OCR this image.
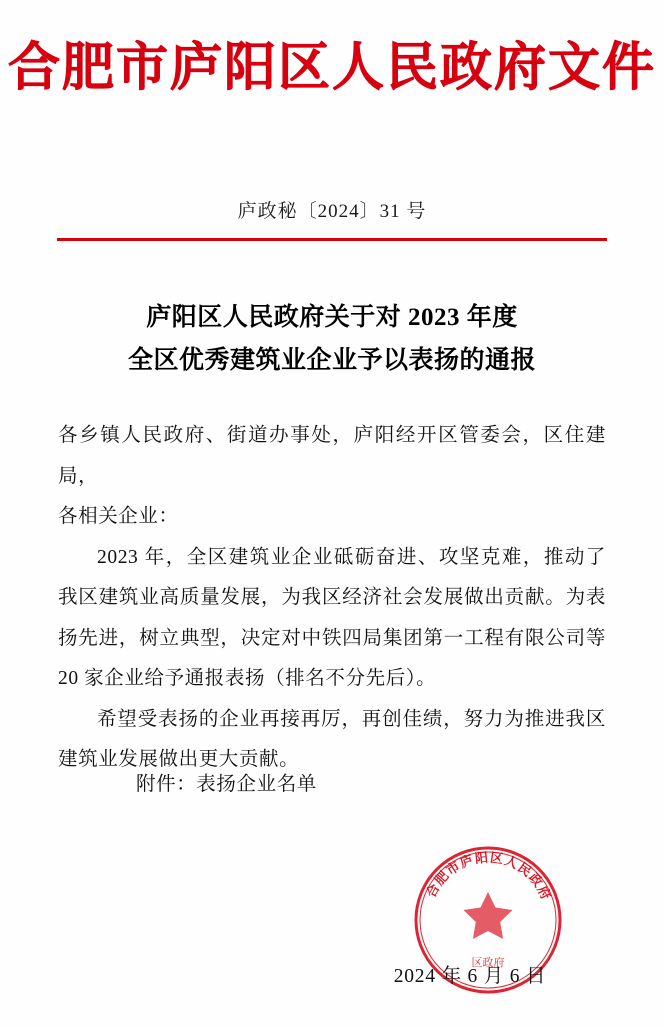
合肥市庐阳区人民政府文件
庐政秘〔2024〕31 号
庐阳区人民政府关于对 2023 年度
全区优秀建筑业企业予以表扬的通报

各乡镇人民政府、街道办事处，庐阳经开区管委会，区住建局，

各相关企业：

2023 年，全区建筑业企业砥砺奋进、攻坚克难，推动了我区建筑业高质量发展，为我区经济社会发展做出贡献。为表扬先进，树立典型，决定对中铁四局集团第一工程有限公司等 20 家企业给予通报表扬（排名不分先后）。

希望受表扬的企业再接再厉，再创佳绩，努力为推进我区建筑业发展做出更大贡献。

附件：表扬企业名单
合
肥
市
庐
阳 区
人
民
政
府
区政府
2024 年 6 月 6 日
